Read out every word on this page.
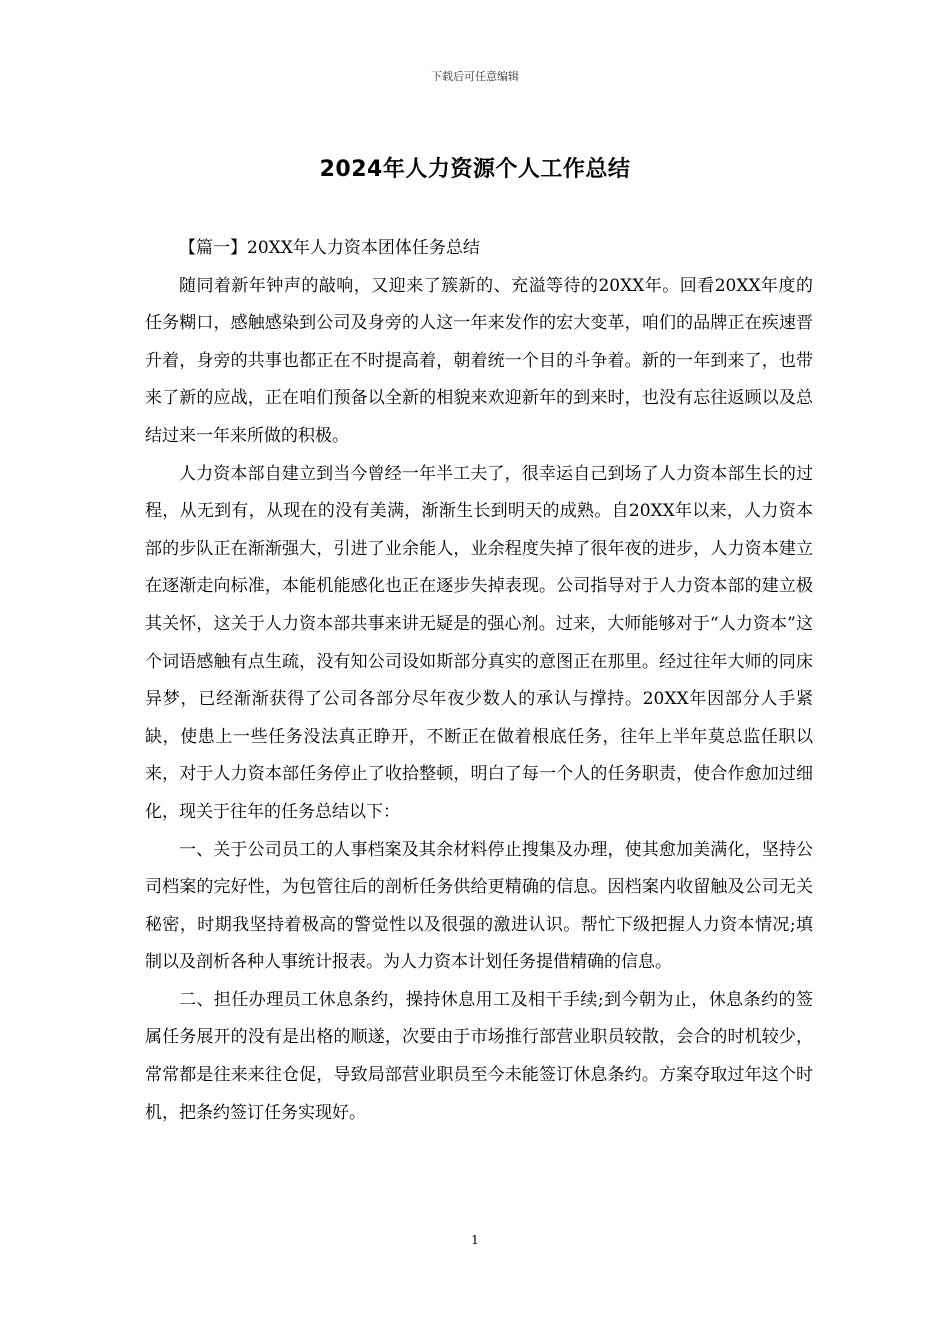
下载后可任意编辑
2024年人力资源个人工作总结

【篇一】20XX年人力资本团体任务总结

随同着新年钟声的敲响，又迎来了簇新的、充溢等待的20XX年。回看20XX年度的任务糊口，感触感染到公司及身旁的人这一年来发作的宏大变革，咱们的品牌正在疾速晋升着，身旁的共事也都正在不时提高着，朝着统一个目的斗争着。新的一年到来了，也带来了新的应战，正在咱们预备以全新的相貌来欢迎新年的到来时，也没有忘往返顾以及总结过来一年来所做的积极。

人力资本部自建立到当今曾经一年半工夫了，很幸运自己到场了人力资本部生长的过程，从无到有，从现在的没有美满，渐渐生长到明天的成熟。自20XX年以来，人力资本部的步队正在渐渐强大，引进了业余能人，业余程度失掉了很年夜的进步，人力资本建立在逐渐走向标准，本能机能感化也正在逐步失掉表现。公司指导对于人力资本部的建立极其关怀，这关于人力资本部共事来讲无疑是的强心剂。过来，大师能够对于“人力资本”这个词语感触有点生疏，没有知公司设如斯部分真实的意图正在那里。经过往年大师的同床异梦，已经渐渐获得了公司各部分尽年夜少数人的承认与撑持。20XX年因部分人手紧缺，使患上一些任务没法真正睁开，不断正在做着根底任务，往年上半年莫总监任职以来，对于人力资本部任务停止了收拾整顿，明白了每一个人的任务职责，使合作愈加过细化，现关于往年的任务总结以下：

一、关于公司员工的人事档案及其余材料停止搜集及办理，使其愈加美满化，坚持公司档案的完好性，为包管往后的剖析任务供给更精确的信息。因档案内收留触及公司无关秘密，时期我坚持着极高的警觉性以及很强的激进认识。帮忙下级把握人力资本情况;填制以及剖析各种人事统计报表。为人力资本计划任务提借精确的信息。

二、担任办理员工休息条约，操持休息用工及相干手续;到今朝为止，休息条约的签属任务展开的没有是出格的顺遂，次要由于市场推行部营业职员较散，会合的时机较少，常常都是往来来往仓促，导致局部营业职员至今未能签订休息条约。方案夺取过年这个时机，把条约签订任务实现好。

1
